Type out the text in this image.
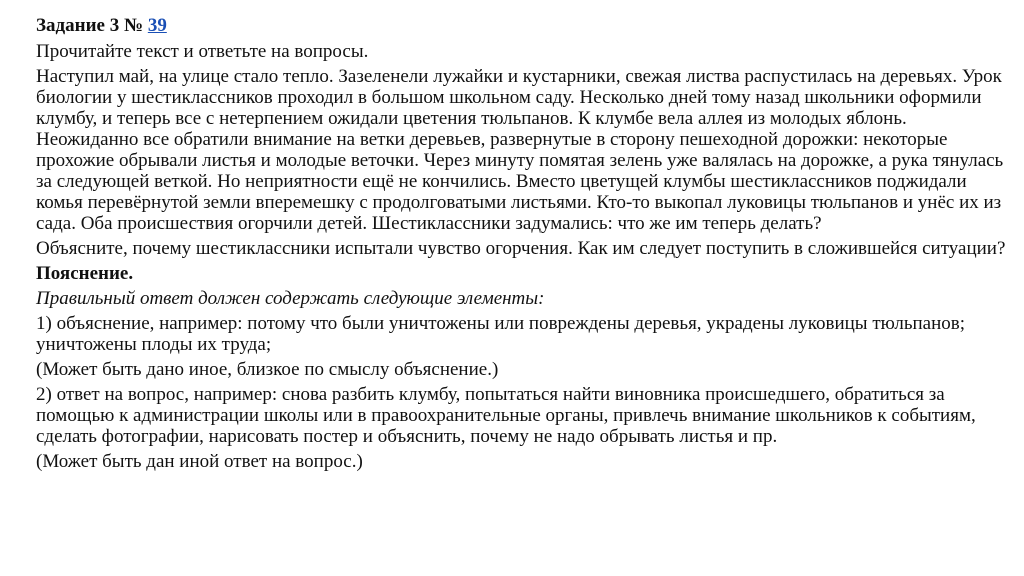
Задание 3 № 39
Прочитайте текст и ответьте на вопросы.
Наступил май, на улице стало тепло. Зазеленели лужайки и кустарники, свежая листва распустилась на деревьях. Урок биологии у шестиклассников проходил в большом школьном саду. Несколько дней тому назад школьники оформили клумбу, и теперь все с нетерпением ожидали цветения тюльпанов. К клумбе вела аллея из молодых яблонь. Неожиданно все обратили внимание на ветки деревьев, развернутые в сторону пешеходной дорожки: некоторые прохожие обрывали листья и молодые веточки. Через минуту помятая зелень уже валялась на дорожке, а рука тянулась за следующей веткой. Но неприятности ещё не кончились. Вместо цветущей клумбы шестиклассников поджидали комья перевёрнутой земли вперемешку с продолговатыми листьями. Кто-то выкопал луковицы тюльпанов и унёс их из сада. Оба происшествия огорчили детей. Шестиклассники задумались: что же им теперь делать?
Объясните, почему шестиклассники испытали чувство огорчения. Как им следует поступить в сложившейся ситуации?
Пояснение.
Правильный ответ должен содержать следующие элементы:
1) объяснение, например: потому что были уничтожены или повреждены деревья, украдены луковицы тюльпанов; уничтожены плоды их труда;
(Может быть дано иное, близкое по смыслу объяснение.)
2) ответ на вопрос, например: снова разбить клумбу, попытаться найти виновника происшедшего, обратиться за помощью к администрации школы или в правоохранительные органы, привлечь внимание школьников к событиям, сделать фотографии, нарисовать постер и объяснить, почему не надо обрывать листья и пр.
(Может быть дан иной ответ на вопрос.)
